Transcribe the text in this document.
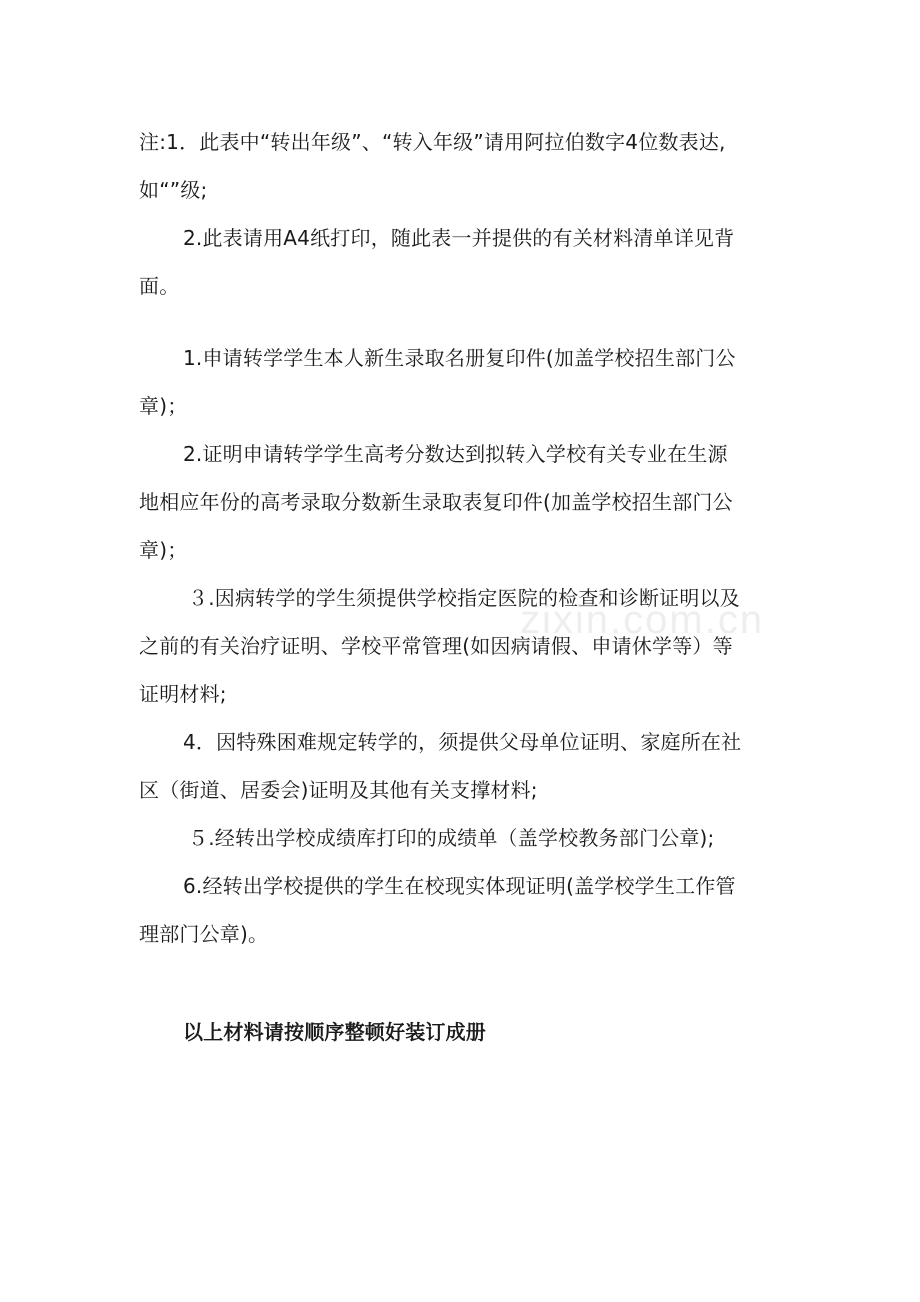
注:1．此表中“转出年级”、“转入年级”请用阿拉伯数字4位数表达,
如“”级;
2.此表请用A4纸打印，随此表一并提供的有关材料清单详见背
面。
1.申请转学学生本人新生录取名册复印件(加盖学校招生部门公
章)；
2.证明申请转学学生高考分数达到拟转入学校有关专业在生源
地相应年份的高考录取分数新生录取表复印件(加盖学校招生部门公
章)；
３.因病转学的学生须提供学校指定医院的检查和诊断证明以及
之前的有关治疗证明、学校平常管理(如因病请假、申请休学等）等
证明材料;
4．因特殊困难规定转学的，须提供父母单位证明、家庭所在社
区（街道、居委会)证明及其他有关支撑材料;
５.经转出学校成绩库打印的成绩单（盖学校教务部门公章);
6.经转出学校提供的学生在校现实体现证明(盖学校学生工作管
理部门公章)。
以上材料请按顺序整顿好装订成册
zixin.com.cn
